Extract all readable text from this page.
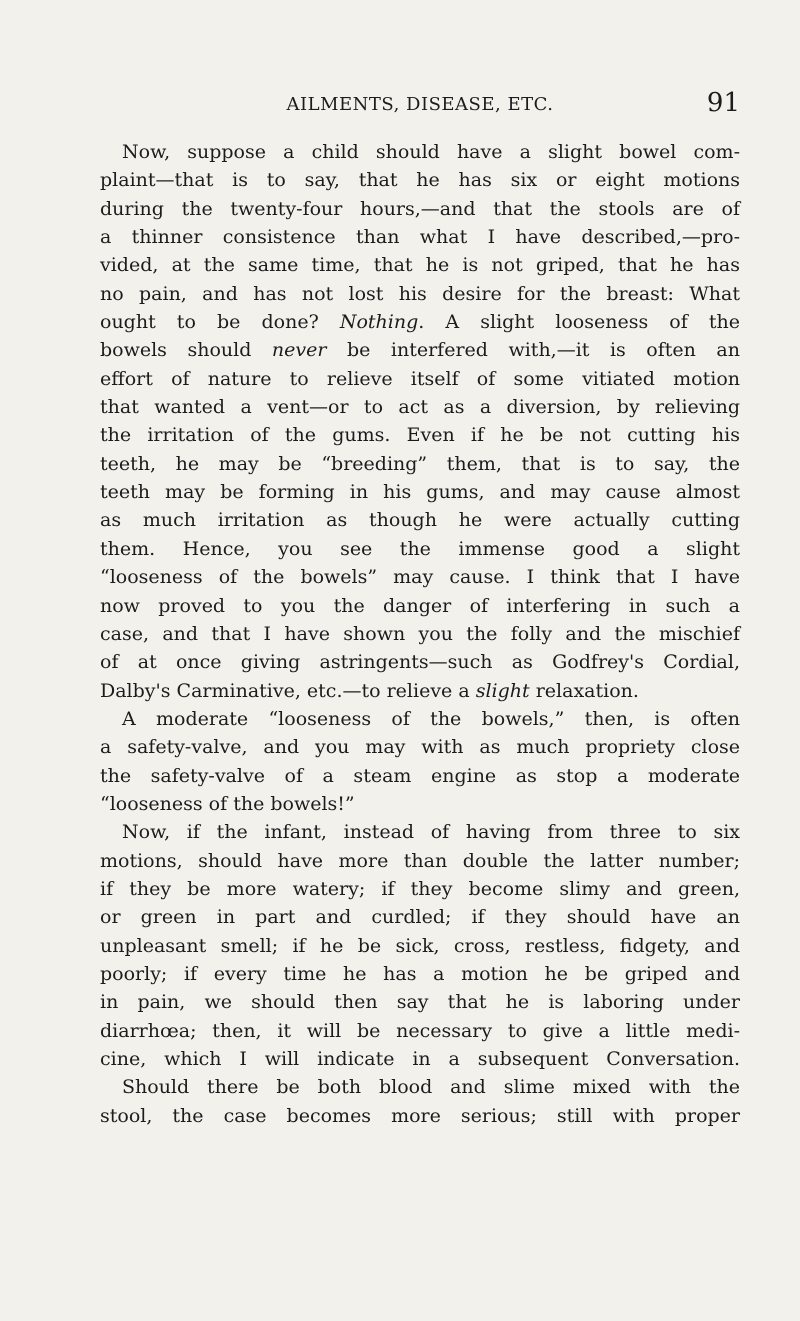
AILMENTS, DISEASE, ETC.	91
Now, suppose a child should have a slight bowel com-
plaint—that is to say, that he has six or eight motions
during the twenty-four hours,—and that the stools are of
a thinner consistence than what I have described,—pro-
vided, at the same time, that he is not griped, that he has
no pain, and has not lost his desire for the breast: What
ought to be done? Nothing. A slight looseness of the
bowels should never be interfered with,—it is often an
effort of nature to relieve itself of some vitiated motion
that wanted a vent—or to act as a diversion, by relieving
the irritation of the gums. Even if he be not cutting his
teeth, he may be “breeding” them, that is to say, the
teeth may be forming in his gums, and may cause almost
as much irritation as though he were actually cutting
them. Hence, you see the immense good a slight
“looseness of the bowels” may cause. I think that I have
now proved to you the danger of interfering in such a
case, and that I have shown you the folly and the mischief
of at once giving astringents—such as Godfrey's Cordial,
Dalby's Carminative, etc.—to relieve a slight relaxation.
A moderate “looseness of the bowels,” then, is often
a safety-valve, and you may with as much propriety close
the safety-valve of a steam engine as stop a moderate
“looseness of the bowels!”
Now, if the infant, instead of having from three to six
motions, should have more than double the latter number;
if they be more watery; if they become slimy and green,
or green in part and curdled; if they should have an
unpleasant smell; if he be sick, cross, restless, fidgety, and
poorly; if every time he has a motion he be griped and
in pain, we should then say that he is laboring under
diarrhœa; then, it will be necessary to give a little medi-
cine, which I will indicate in a subsequent Conversation.
Should there be both blood and slime mixed with the
stool, the case becomes more serious; still with proper
